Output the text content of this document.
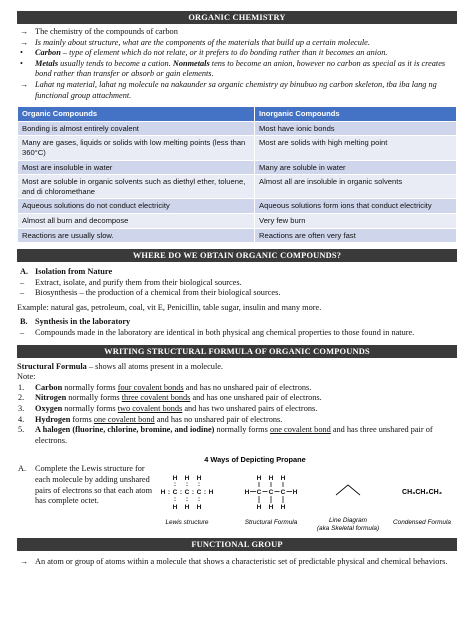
ORGANIC CHEMISTRY
→ The chemistry of the compounds of carbon
→ Is mainly about structure, what are the components of the materials that build up a certain molecule.
• Carbon – type of element which do not relate, or it prefers to do bonding rather than it becomes an anion.
• Metals usually tends to become a cation. Nonmetals tens to become an anion, however no carbon as special as it is creates bond rather than transfer or absorb or gain elements.
→ Lahat ng material, lahat ng molecule na nakaunder sa organic chemistry ay binubuo ng carbon skeleton, tba iba lang ng functional group attachment.
Organic Compounds	Inorganic Compounds
Bonding is almost entirely covalent	Most have ionic bonds
Many are gases, liquids or solids with low melting points (less than 360°C)	Most are solids with high melting point
Most are insoluble in water	Many are soluble in water
Most are soluble in organic solvents such as diethyl ether, toluene, and di chloromethane	Almost all are insoluble in organic solvents
Aqueous solutions do not conduct electricity	Aqueous solutions form ions that conduct electricity
Almost all burn and decompose	Very few burn
Reactions are usually slow.	Reactions are often very fast
WHERE DO WE OBTAIN ORGANIC COMPOUNDS?
A. Isolation from Nature
– Extract, isolate, and purify them from their biological sources.
– Biosynthesis – the production of a chemical from their biological sources.
Example: natural gas, petroleum, coal, vit E, Penicillin, table sugar, insulin and many more.
B. Synthesis in the laboratory
– Compounds made in the laboratory are identical in both physical ang chemical properties to those found in nature.
WRITING STRUCTURAL FORMULA OF ORGANIC COMPOUNDS
Structural Formula – shows all atoms present in a molecule.
Note:
1. Carbon normally forms four covalent bonds and has no unshared pair of electrons.
2. Nitrogen normally forms three covalent bonds and has one unshared pair of electrons.
3. Oxygen normally forms two covalent bonds and has two unshared pairs of electrons.
4. Hydrogen forms one covalent bond and has no unshared pair of electrons.
5. A halogen (fluorine, chlorine, bromine, and iodine) normally forms one covalent bond and has three unshared pair of electrons.
A. Complete the Lewis structure for each molecule by adding unshared pairs of electrons so that each atom has complete octet.
4 Ways of Depicting Propane
H H H
: : :
H : C : C : C : H
: : :
H H H
Lewis structure
H H H
H C C C H
H H H
Structural Formula	Line Diagram
(aka Skeletal formula)
CH₃CH₂CH₃
Condensed Formula
FUNCTIONAL GROUP
→ An atom or group of atoms within a molecule that shows a characteristic set of predictable physical and chemical behaviors.
